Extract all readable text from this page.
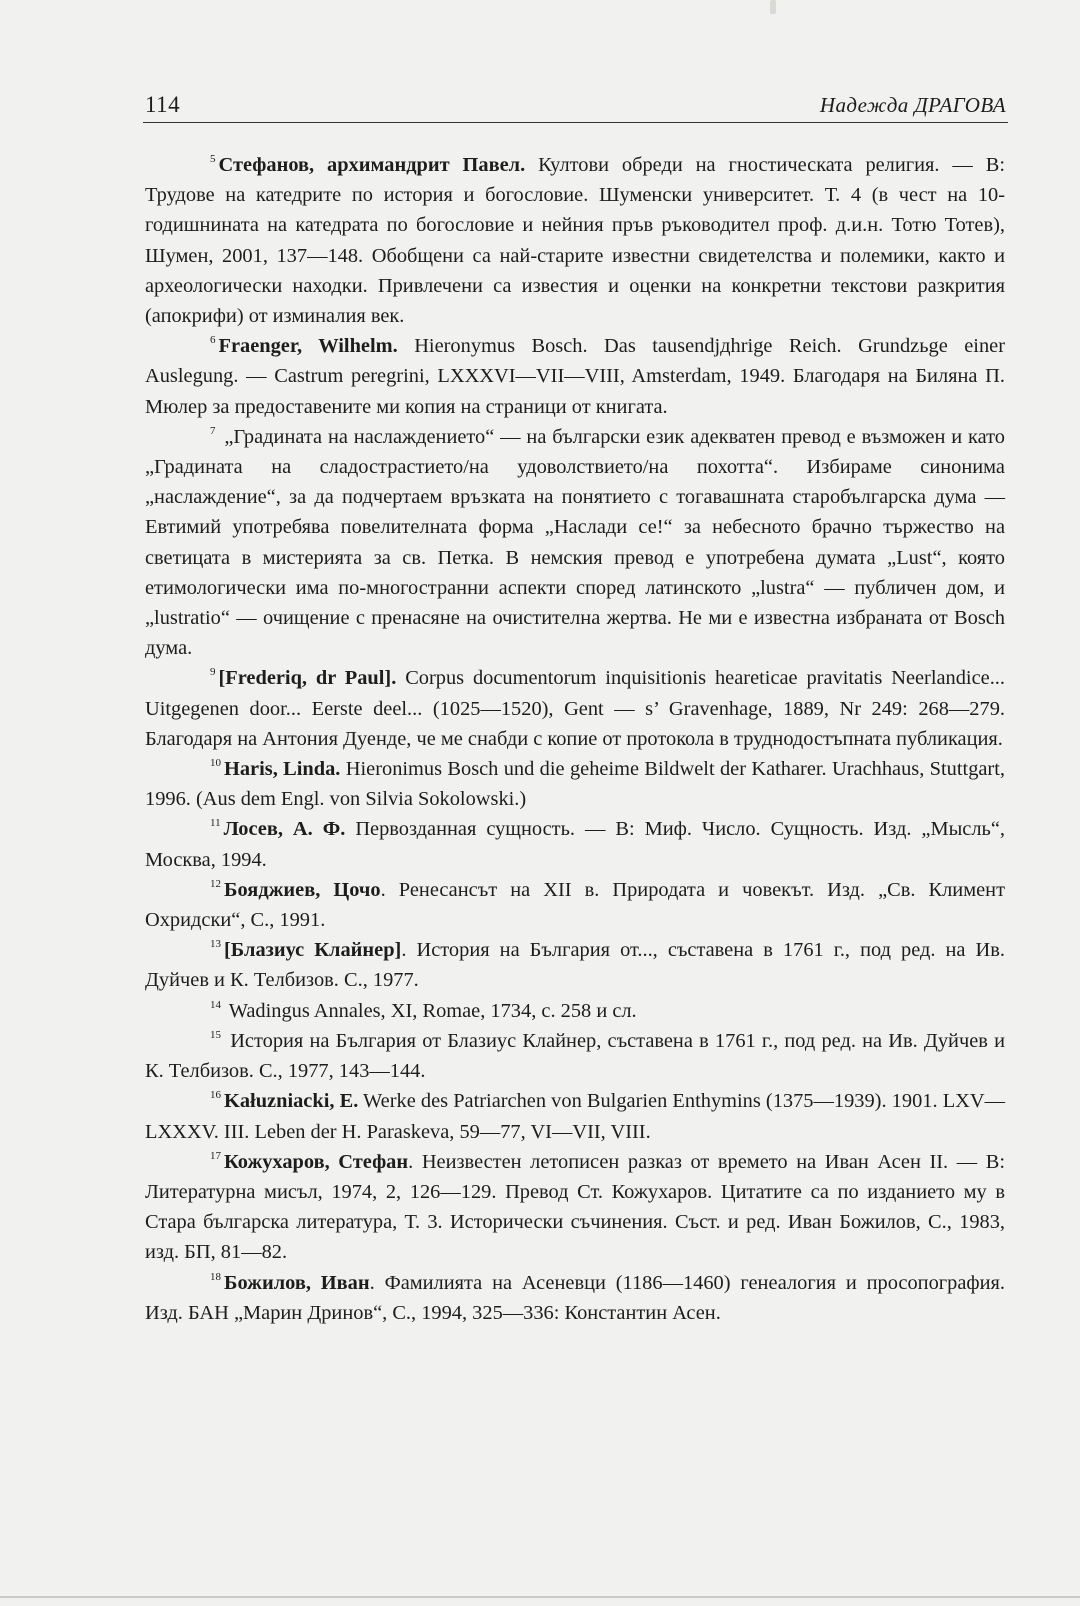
114	Надежда ДРАГОВА

$^5$ Стефанов, архимандрит Павел. Култови обреди на гностическата религия. — В: Трудове на катедрите по история и богословие. Шуменски университет. Т. 4 (в чест на 10-годишнината на катедрата по богословие и нейния пръв ръководител проф. д.и.н. Тотю Тотев), Шумен, 2001, 137—148. Обобщени са най-старите известни свидетелства и полемики, както и археологически находки. Привлечени са известия и оценки на конкретни текстови разкрития (апокрифи) от изминалия век.

$^6$ Fraenger, Wilhelm. Hieronymus Bosch. Das tausendjдhrige Reich. Grundzьge einer Auslegung. — Castrum peregrini, LXXXVI—VII—VIII, Amsterdam, 1949. Благодаря на Биляна П. Мюлер за предоставените ми копия на страници от книгата.

$^7$ „Градината на наслаждението“ — на български език адекватен превод е възможен и като „Градината на сладострастието/на удоволствието/на похотта“. Избираме синонима „наслаждение“, за да подчертаем връзката на понятието с тогавашната старобългарска дума — Евтимий употребява повелителната форма „Наслади се!“ за небесното брачно тържество на светицата в мистерията за св. Петка. В немския превод е употребена думата „Lust“, която етимологически има по-многостранни аспекти според латинското „lustra“ — публичен дом, и „lustratio“ — очищение с пренасяне на очистителна жертва. Не ми е известна избраната от Bosch дума.

$^9$ [Frederiq, dr Paul]. Corpus documentorum inquisitionis heareticae pravitatis Neerlandice... Uitgegenen door... Eerste deel... (1025—1520), Gent — s’ Gravenhage, 1889, Nr 249: 268—279. Благодаря на Антония Дуенде, че ме снабди с копие от протокола в труднодостъпната публикация.

$^{10}$ Haris, Linda. Hieronimus Bosch und die geheime Bildwelt der Katharer. Urachhaus, Stuttgart, 1996. (Aus dem Engl. von Silvia Sokolowski.)

$^{11}$ Лосев, А. Ф. Первозданная сущность. — В: Миф. Число. Сущность. Изд. „Мысль“, Москва, 1994.

$^{12}$ Бояджиев, Цочо. Ренесансът на XII в. Природата и човекът. Изд. „Св. Климент Охридски“, С., 1991.

$^{13}$ [Блазиус Клайнер]. История на България от..., съставена в 1761 г., под ред. на Ив. Дуйчев и К. Телбизов. С., 1977.

$^{14}$ Wadingus Annales, XI, Romae, 1734, с. 258 и сл.

$^{15}$ История на България от Блазиус Клайнер, съставена в 1761 г., под ред. на Ив. Дуйчев и К. Телбизов. С., 1977, 143—144.

$^{16}$ Kałuzniacki, E. Werke des Patriarchen von Bulgarien Enthymins (1375—1939). 1901. LXV—LXXXV. III. Leben der H. Paraskeva, 59—77, VI—VII, VIII.

$^{17}$ Кожухаров, Стефан. Неизвестен летописен разказ от времето на Иван Асен II. — В: Литературна мисъл, 1974, 2, 126—129. Превод Ст. Кожухаров. Цитатите са по изданието му в Стара българска литература, Т. 3. Исторически съчинения. Съст. и ред. Иван Божилов, С., 1983, изд. БП, 81—82.

$^{18}$ Божилов, Иван. Фамилията на Асеневци (1186—1460) генеалогия и просопография. Изд. БАН „Марин Дринов“, С., 1994, 325—336: Константин Асен.
